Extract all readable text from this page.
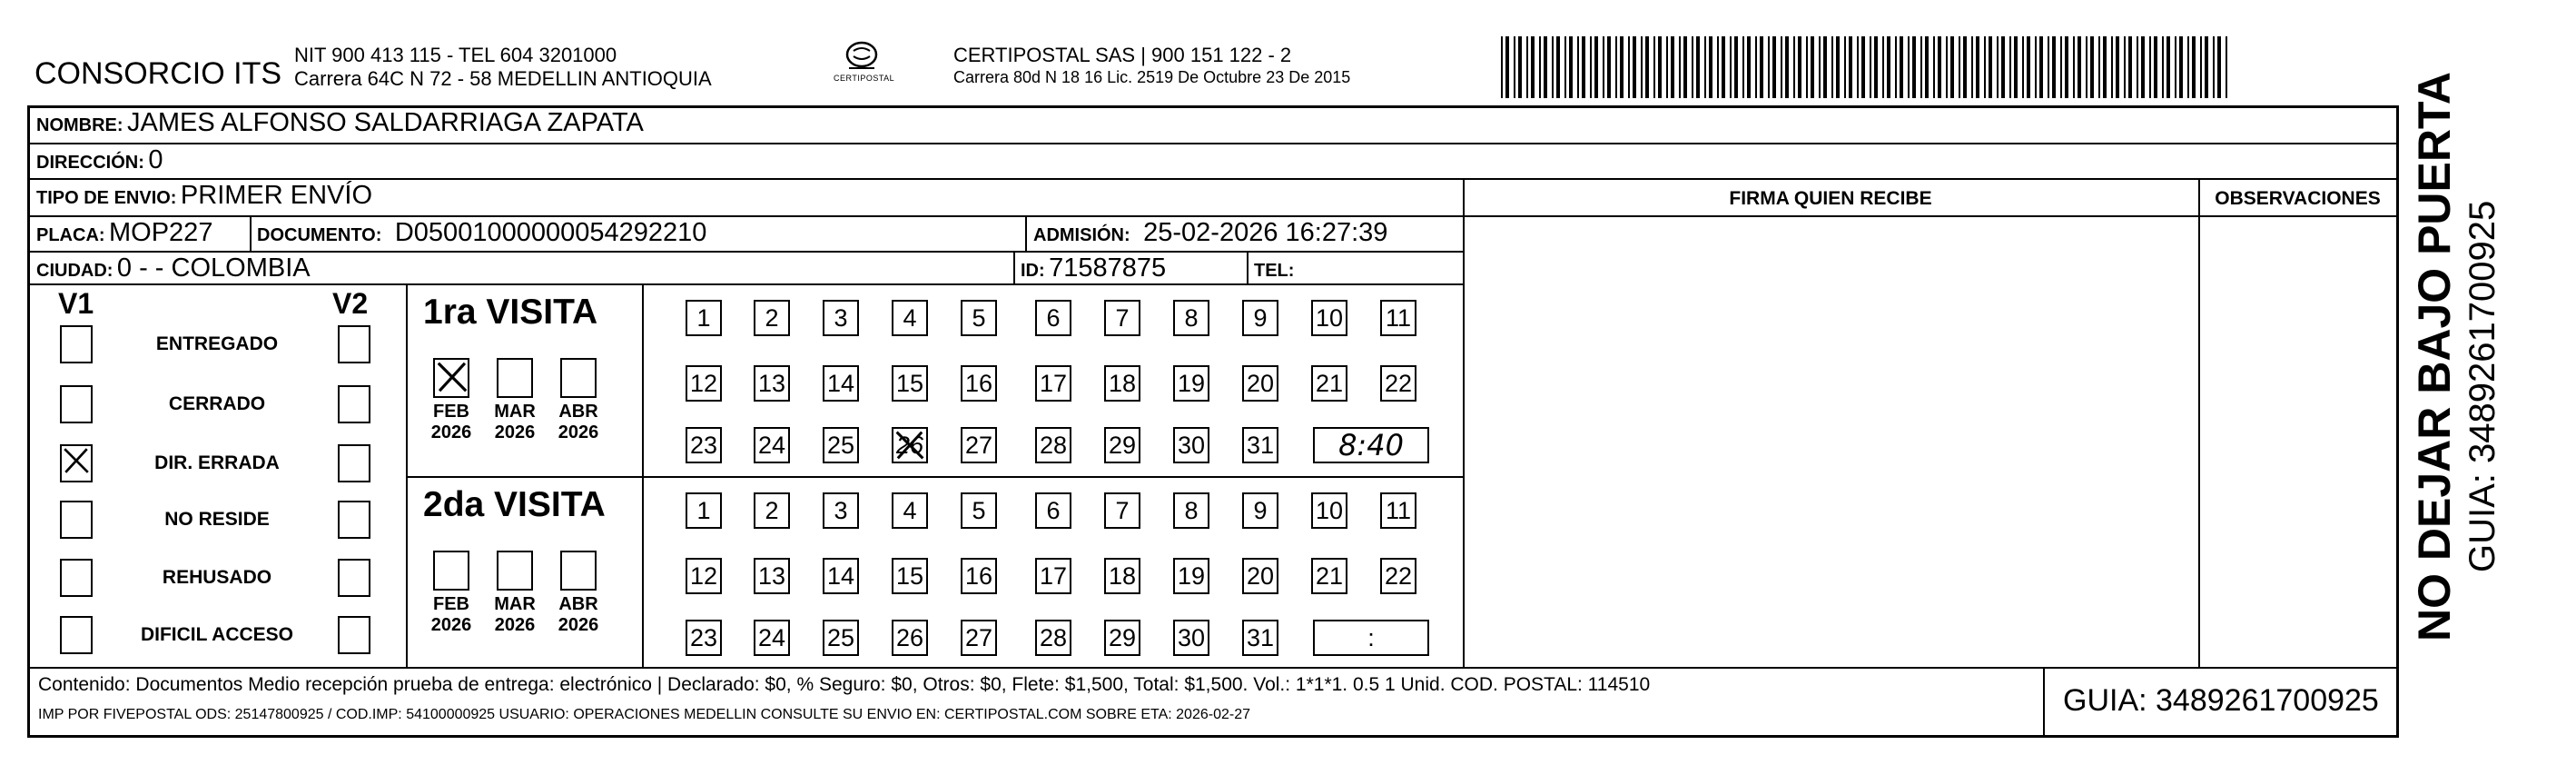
CONSORCIO ITS
NIT 900 413 115 - TEL 604 3201000
Carrera 64C N 72 - 58 MEDELLIN ANTIOQUIA	CERTIPOSTAL
CERTIPOSTAL SAS | 900 151 122 - 2
Carrera 80d N 18 16 Lic. 2519 De Octubre 23 De 2015
NOMBRE: JAMES ALFONSO SALDARRIAGA ZAPATA
DIRECCIÓN: 0
TIPO DE ENVIO: PRIMER ENVÍO
PLACA: MOP227 DOCUMENTO: D05001000000054292210	ADMISIÓN: 25-02-2026 16:27:39
CIUDAD: 0 - - COLOMBIA	ID: 71587875	TEL:
FIRMA QUIEN RECIBE	OBSERVACIONES
V1	V2
ENTREGADO
CERRADO
DIR. ERRADA
NO RESIDE
REHUSADO
DIFICIL ACCESO
1ra VISITA
FEB
2026
MAR
2026
ABR
2026
1	2	3	4	5	6	7	8	9	10 11
12 13 14 15 16 17 18 19 20 21 22
23 24 25 26 27 28 29 30 31	8:40
2da VISITA
FEB
2026
MAR
2026
ABR
2026
1	2	3	4	5	6	7	8	9	10 11
12 13 14 15 16 17 18 19 20 21 22
23 24 25 26 27 28 29 30 31	:
Contenido: Documentos Medio recepción prueba de entrega: electrónico | Declarado: $0, % Seguro: $0, Otros: $0, Flete: $1,500, Total: $1,500. Vol.: 1*1*1. 0.5 1 Unid. COD. POSTAL: 114510
IMP POR FIVEPOSTAL ODS: 25147800925 / COD.IMP: 54100000925 USUARIO: OPERACIONES MEDELLIN CONSULTE SU ENVIO EN: CERTIPOSTAL.COM SOBRE ETA: 2026-02-27	GUIA: 3489261700925
NO DEJAR BAJO PUERTA GUIA: 3489261700925
